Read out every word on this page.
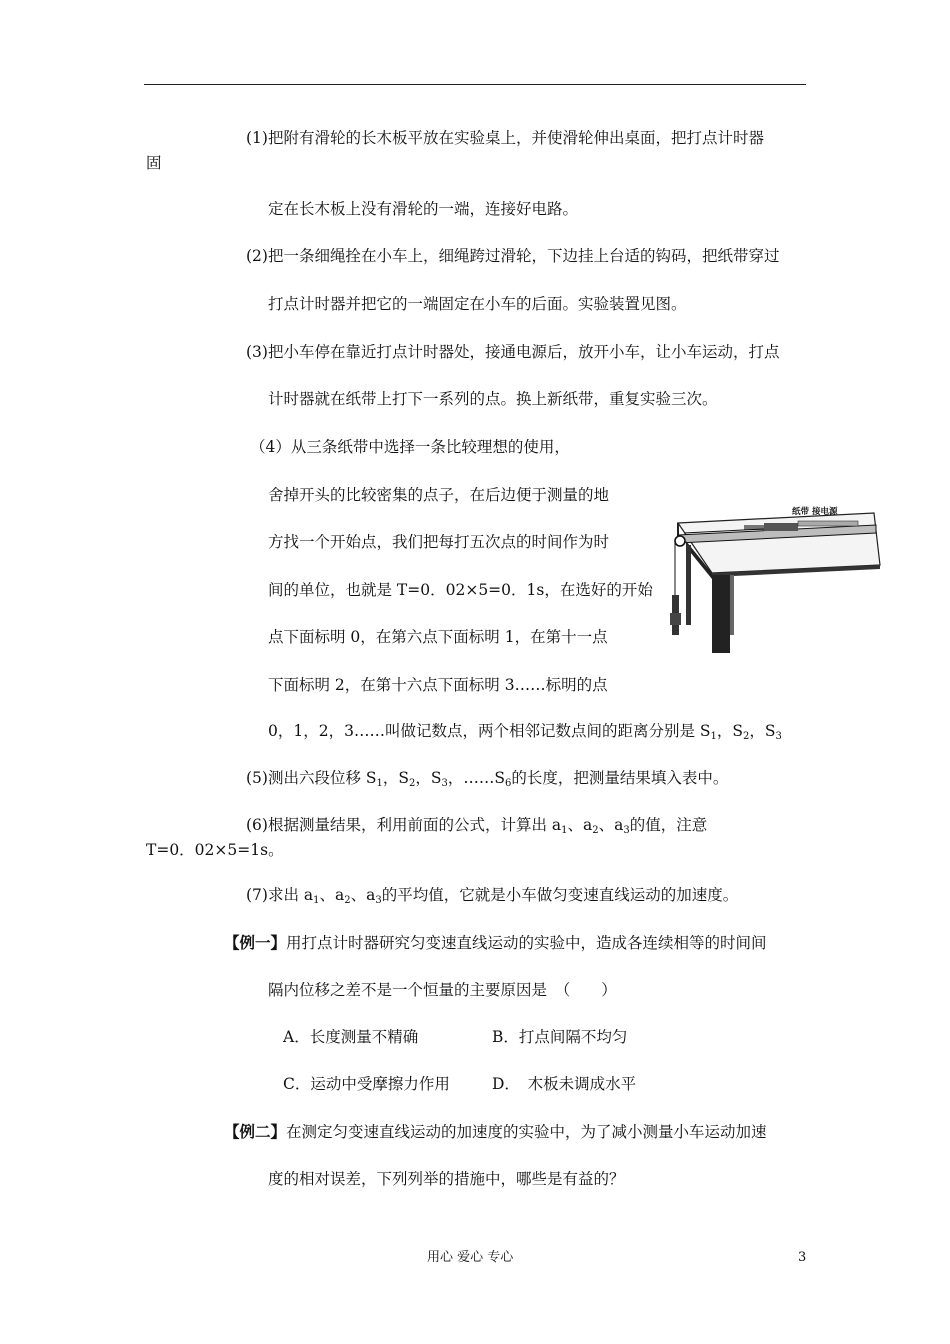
(1)把附有滑轮的长木板平放在实验桌上，并使滑轮伸出桌面，把打点计时器
固
定在长木板上没有滑轮的一端，连接好电路。
(2)把一条细绳拴在小车上，细绳跨过滑轮，下边挂上台适的钩码，把纸带穿过
打点计时器并把它的一端固定在小车的后面。实验装置见图。
(3)把小车停在靠近打点计时器处，接通电源后，放开小车，让小车运动，打点
计时器就在纸带上打下一系列的点。换上新纸带，重复实验三次。
（4）从三条纸带中选择一条比较理想的使用，
舍掉开头的比较密集的点子，在后边便于测量的地
方找一个开始点，我们把每打五次点的时间作为时
间的单位，也就是 T=0．02×5=0．1s，在选好的开始
点下面标明 0，在第六点下面标明 1，在第十一点
下面标明 2，在第十六点下面标明 3……标明的点
0，1，2，3……叫做记数点，两个相邻记数点间的距离分别是 $S_1$，$S_2$，$S_3$
(5)测出六段位移 $S_1$，$S_2$，$S_3$，$\dots\dots S_6$的长度，把测量结果填入表中。
(6)根据测量结果，利用前面的公式，计算出 $a_1$、$a_2$、$a_3$的值，注意
T=0．02×5=1s。
(7)求出 $a_1$、$a_2$、$a_3$的平均值，它就是小车做匀变速直线运动的加速度。
【例一】用打点计时器研究匀变速直线运动的实验中，造成各连续相等的时间间
隔内位移之差不是一个恒量的主要原因是　（　　）
A．长度测量不精确	B．打点间隔不均匀
C．运动中受摩擦力作用	D．　木板未调成水平
【例二】在测定匀变速直线运动的加速度的实验中，为了减小测量小车运动加速
度的相对误差，下列列举的措施中，哪些是有益的？
纸带 接电源
用心 爱心 专心	3
